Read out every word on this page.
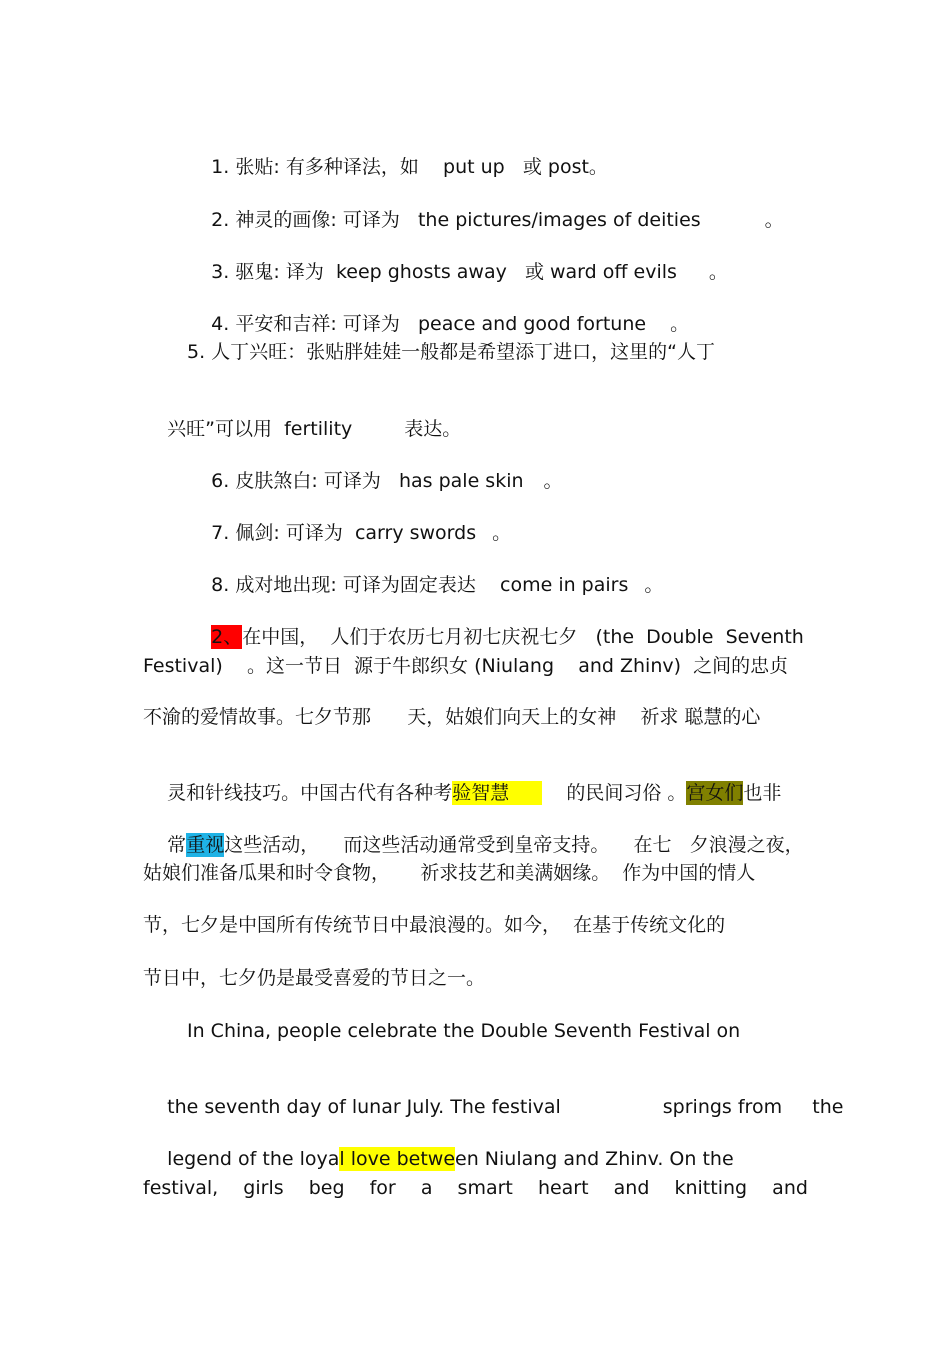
1. 张贴: 有多种译法，如 put up 或 post。

2. 神灵的画像: 可译为 the pictures/images of deities	。

3. 驱鬼: 译为 keep ghosts away 或 ward off evils 。

4. 平安和吉祥: 可译为 peace and good fortune 。

5. 人丁兴旺：张贴胖娃娃一般都是希望添丁进口，这里的“人丁

兴旺”可以用 fertility	表达。

6. 皮肤煞白: 可译为 has pale skin 。

7. 佩剑: 可译为 carry swords 。

8. 成对地出现: 可译为固定表达 come in pairs 。

2、在中国，  人们于农历七月初七庆祝七夕 (the Double Seventh

Festival)    。这一节日  源于牛郎织女 (Niulang    and Zhinv)  之间的忠贞
不渝的爱情故事。七夕节那      天，姑娘们向天上的女神    祈求 聪慧的心

灵和针线技巧。中国古代有各种考验智慧    的民间习俗 。宫女们也非

常重视这些活动，    而这些活动通常受到皇帝支持。    在七   夕浪漫之夜，

姑娘们准备瓜果和时令食物，     祈求技艺和美满姻缘。  作为中国的情人
节，七夕是中国所有传统节日中最浪漫的。如今，  在基于传统文化的
节日中，七夕仍是最受喜爱的节日之一。
In China, people celebrate the Double Seventh Festival on

the seventh day of lunar July. The festival	springs from the

legend of the loyal love between Niulang and Zhinv. On the

festival, girls beg for a smart heart and knitting and
